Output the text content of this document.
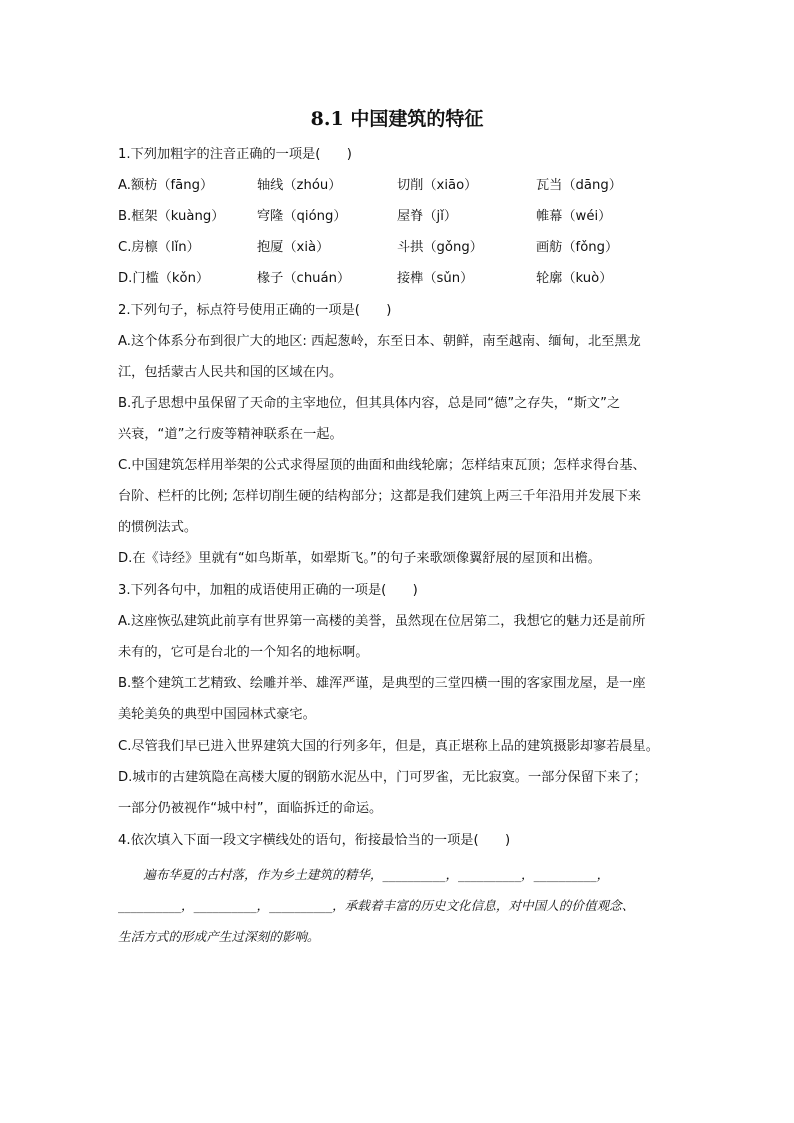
8.1 中国建筑的特征
1.下列加粗字的注音正确的一项是(　　)
A.额枋（fāng）	轴线（zhóu）	切削（xiāo）	瓦当（dāng）
B.框架（kuàng） 穹隆（qióng）	屋脊（jǐ）	帷幕（wéi）
C.房檩（lǐn）	抱厦（xià）	斗拱（gǒng）	画舫（fǒng）
D.门槛（kǒn）	椽子（chuán）	接榫（sǔn）	轮廓（kuò）
2.下列句子，标点符号使用正确的一项是(　　)
A.这个体系分布到很广大的地区: 西起葱岭，东至日本、朝鲜，南至越南、缅甸，北至黑龙
江，包括蒙古人民共和国的区域在内。
B.孔子思想中虽保留了天命的主宰地位，但其具体内容，总是同“德”之存失，“斯文”之
兴衰，“道”之行废等精神联系在一起。
C.中国建筑怎样用举架的公式求得屋顶的曲面和曲线轮廓；怎样结束瓦顶；怎样求得台基、
台阶、栏杆的比例; 怎样切削生硬的结构部分；这都是我们建筑上两三千年沿用并发展下来
的惯例法式。
D.在《诗经》里就有“如鸟斯革，如翚斯飞。”的句子来歌颂像翼舒展的屋顶和出檐。
3.下列各句中，加粗的成语使用正确的一项是(　　)
A.这座恢弘建筑此前享有世界第一高楼的美誉，虽然现在位居第二，我想它的魅力还是前所
未有的，它可是台北的一个知名的地标啊。
B.整个建筑工艺精致、绘雕并举、雄浑严谨，是典型的三堂四横一围的客家围龙屋，是一座
美轮美奂的典型中国园林式豪宅。
C.尽管我们早已进入世界建筑大国的行列多年，但是，真正堪称上品的建筑摄影却寥若晨星。
D.城市的古建筑隐在高楼大厦的钢筋水泥丛中，门可罗雀，无比寂寞。一部分保留下来了；
一部分仍被视作“城中村”，面临拆迁的命运。
4.依次填入下面一段文字横线处的语句，衔接最恰当的一项是(　　)
　　遍布华夏的古村落，作为乡土建筑的精华，__________，__________，__________，
__________，__________，__________，承载着丰富的历史文化信息，对中国人的价值观念、
生活方式的形成产生过深刻的影响。
